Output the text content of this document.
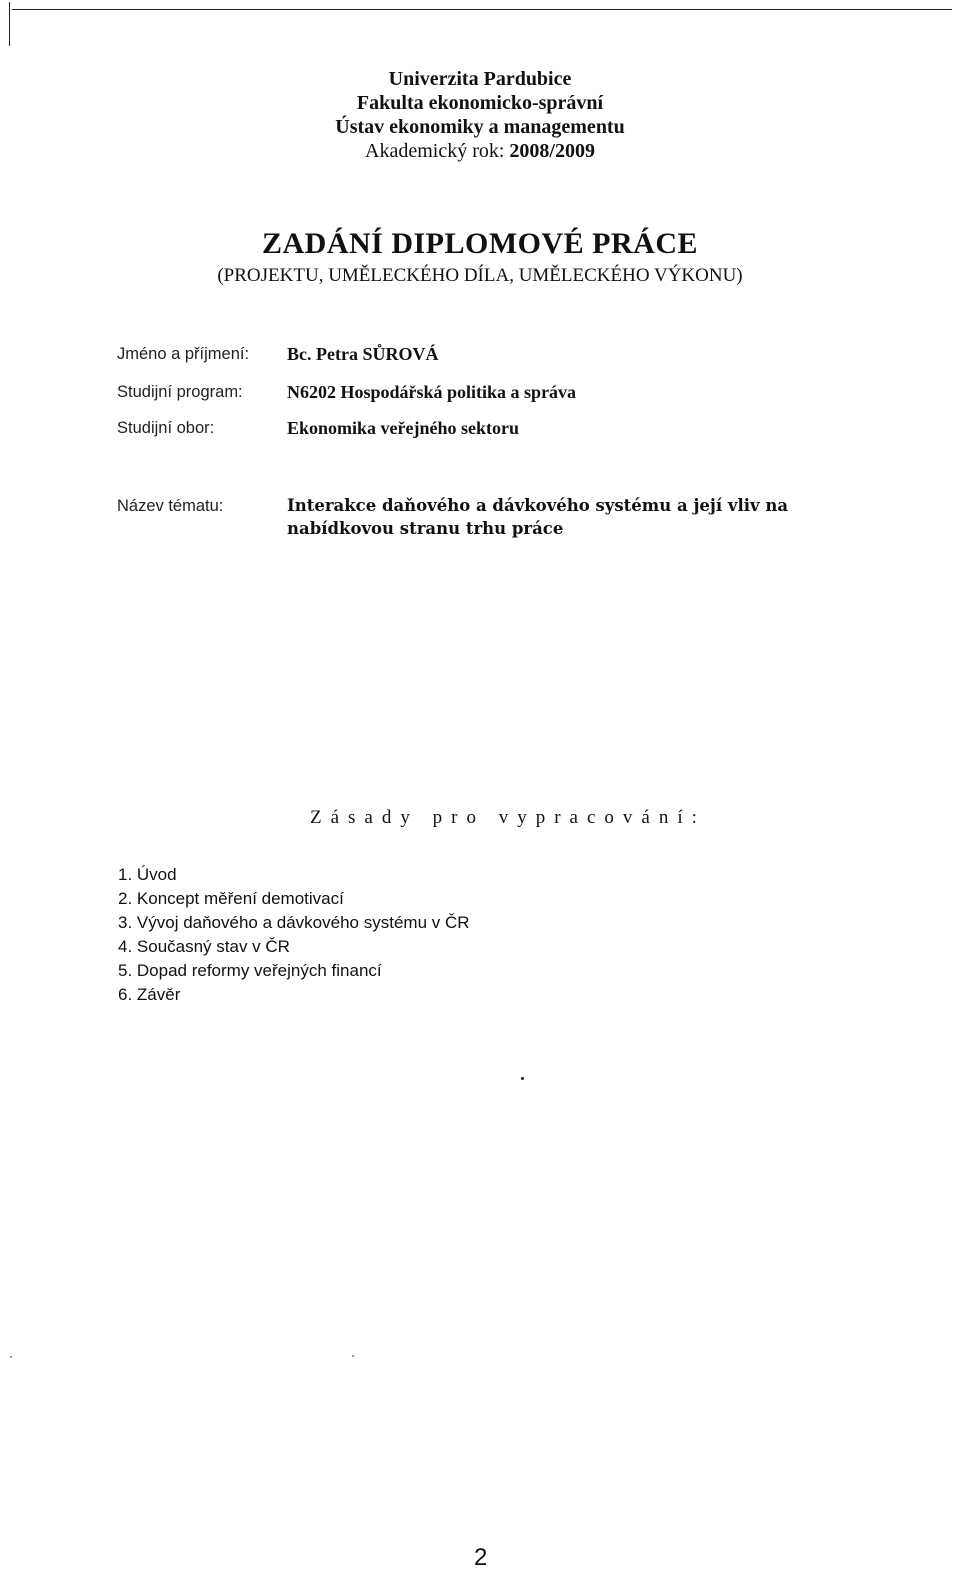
Univerzita Pardubice
Fakulta ekonomicko-správní
Ústav ekonomiky a managementu
Akademický rok: 2008/2009
ZADÁNÍ DIPLOMOVÉ PRÁCE
(PROJEKTU, UMĚLECKÉHO DÍLA, UMĚLECKÉHO VÝKONU)
Jméno a příjmení:	Bc. Petra SŮROVÁ
Studijní program:	N6202 Hospodářská politika a správa
Studijní obor:	Ekonomika veřejného sektoru
Název tématu:	Interakce daňového a dávkového systému a její vliv na nabídkovou stranu trhu práce
Zásady pro vypracování:
1. Úvod
2. Koncept měření demotivací
3. Vývoj daňového a dávkového systému v ČR
4. Současný stav v ČR
5. Dopad reformy veřejných financí
6. Závěr
2
